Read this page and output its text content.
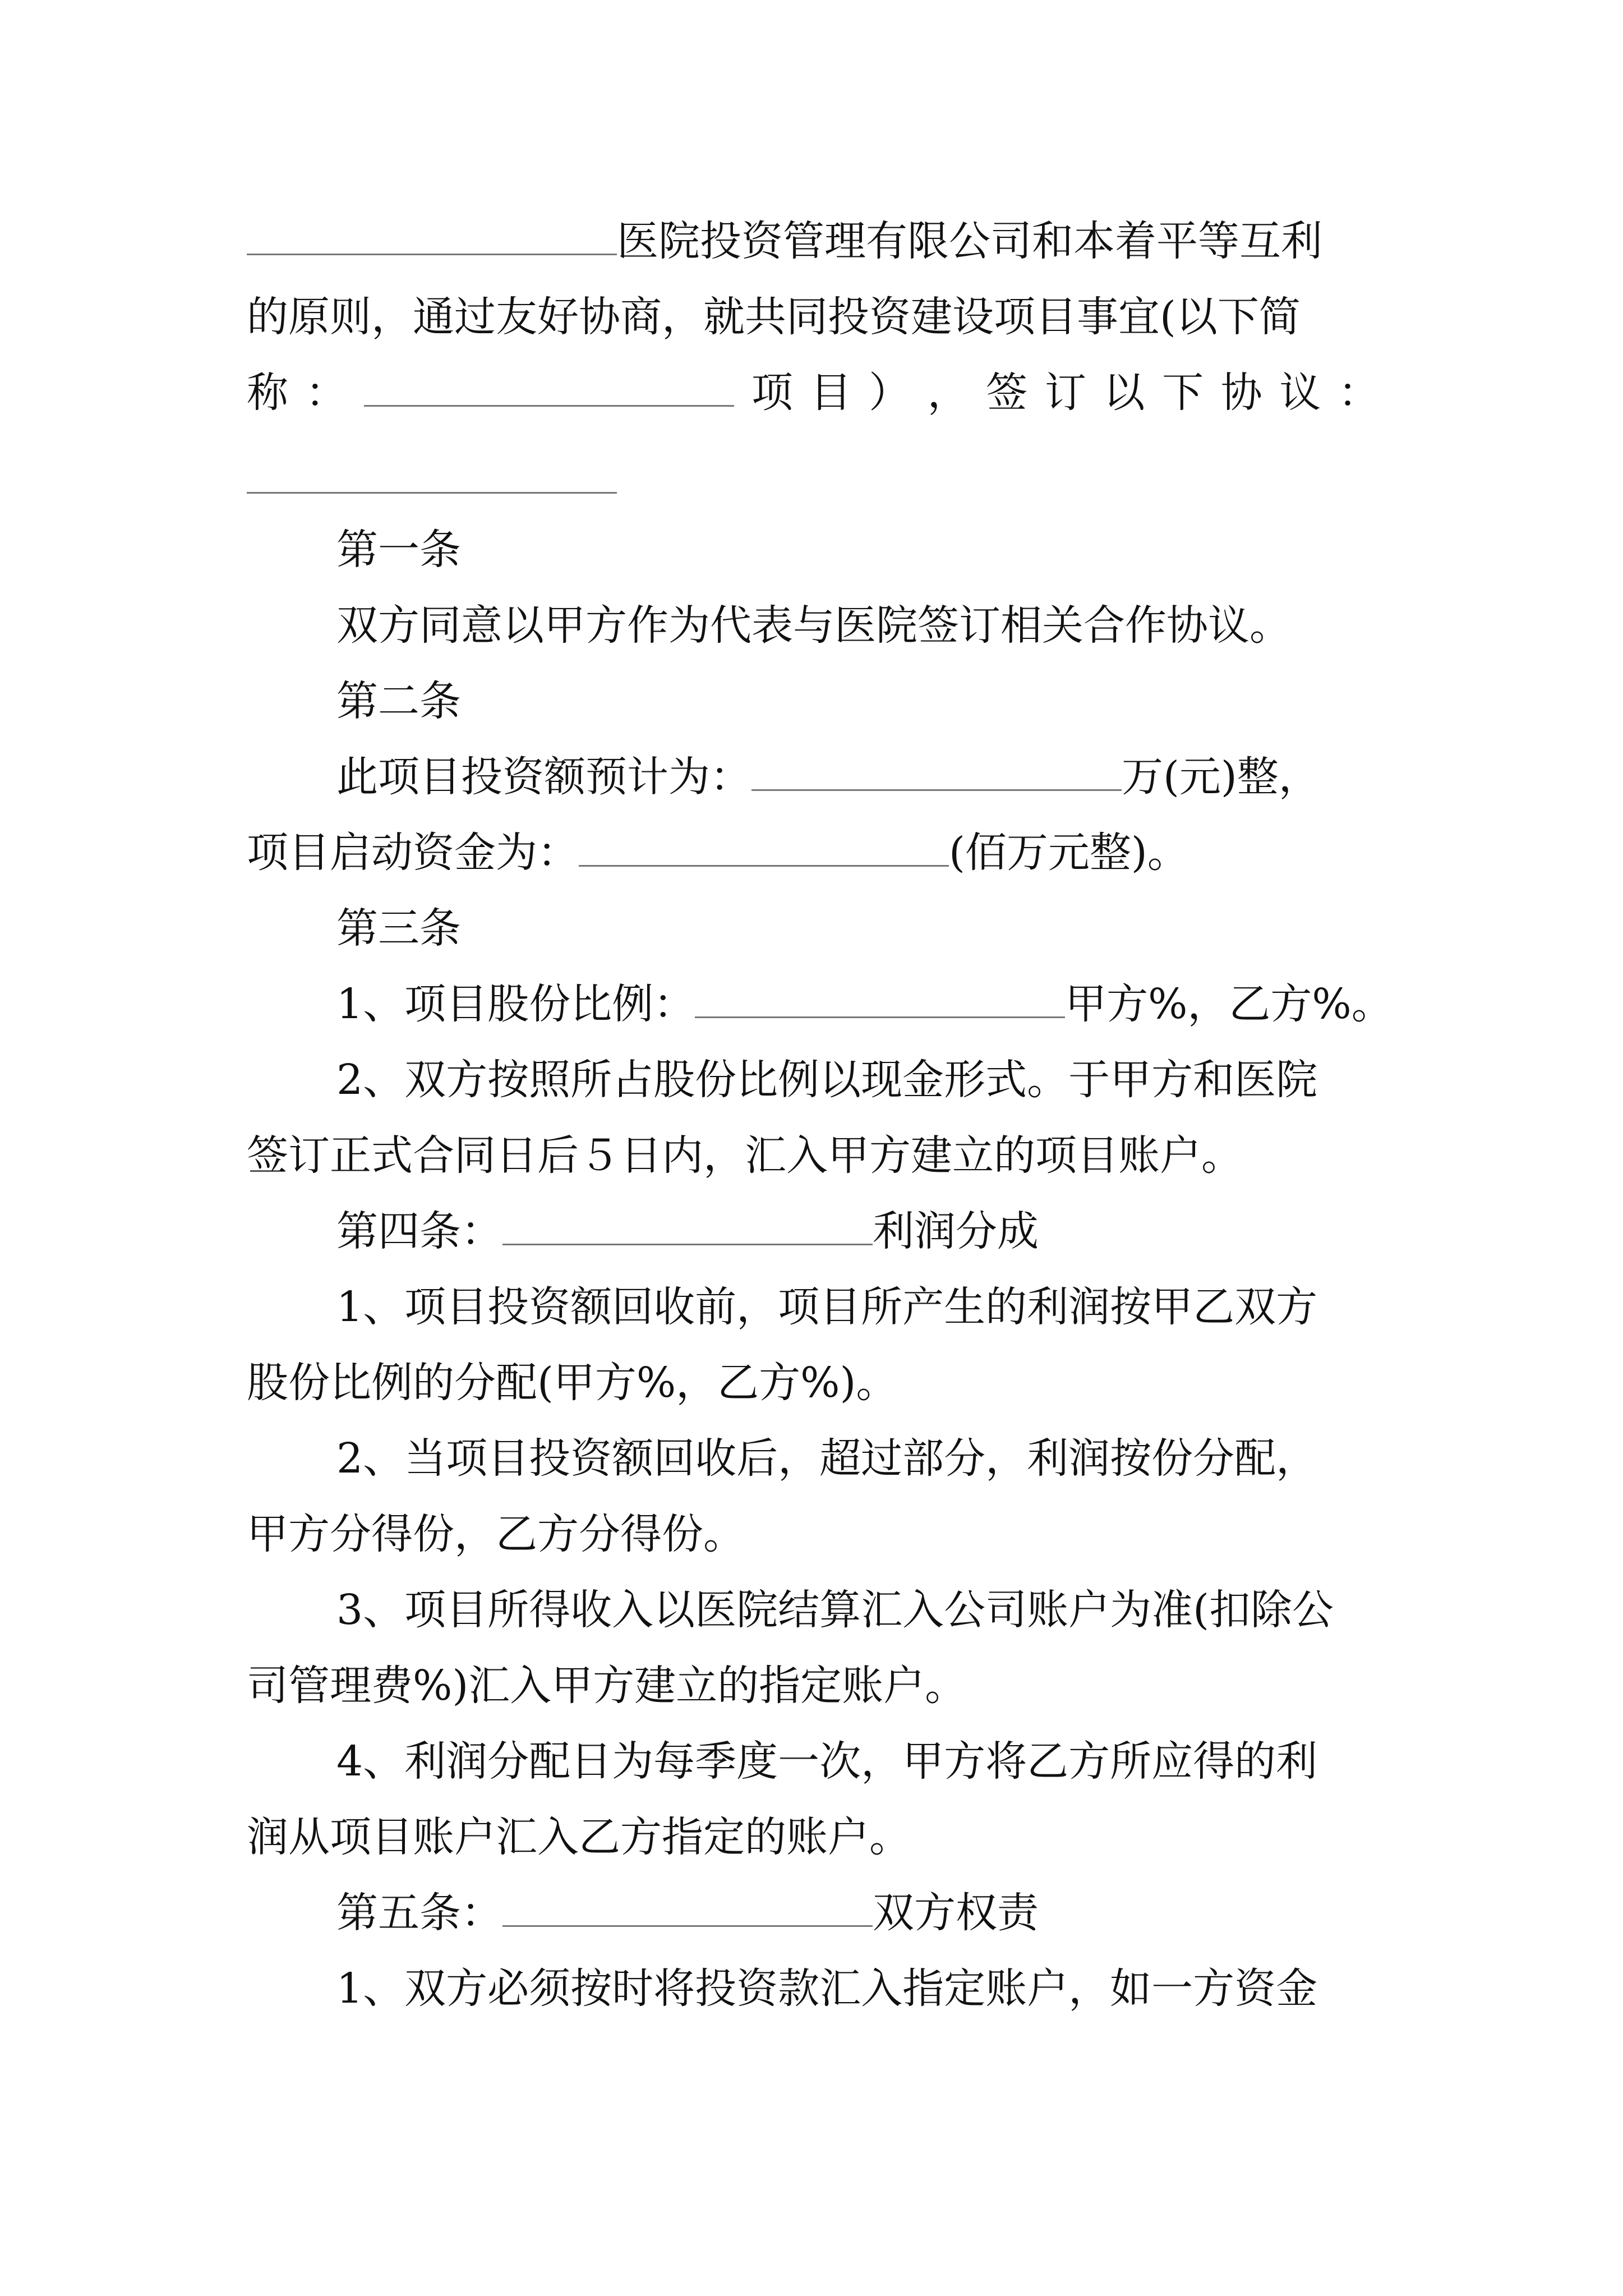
医院投资管理有限公司和本着平等互利
的原则，通过友好协商，就共同投资建设项目事宜(以下简
称 ：	项 目 ） ， 签 订 以 下 协 议 ：
第一条
双方同意以甲方作为代表与医院签订相关合作协议。
第二条
此项目投资额预计为：	万(元)整，
项目启动资金为：	(佰万元整)。
第三条
1、项目股份比例：	甲方%，乙方%。
2、双方按照所占股份比例以现金形式。于甲方和医院
签订正式合同日后５日内，汇入甲方建立的项目账户。
第四条：	利润分成
1、项目投资额回收前，项目所产生的利润按甲乙双方
股份比例的分配(甲方%，乙方%)。
2、当项目投资额回收后，超过部分，利润按份分配，
甲方分得份，乙方分得份。
3、项目所得收入以医院结算汇入公司账户为准(扣除公
司管理费%)汇入甲方建立的指定账户。
4、利润分配日为每季度一次，甲方将乙方所应得的利
润从项目账户汇入乙方指定的账户。
第五条：	双方权责
1、双方必须按时将投资款汇入指定账户，如一方资金
